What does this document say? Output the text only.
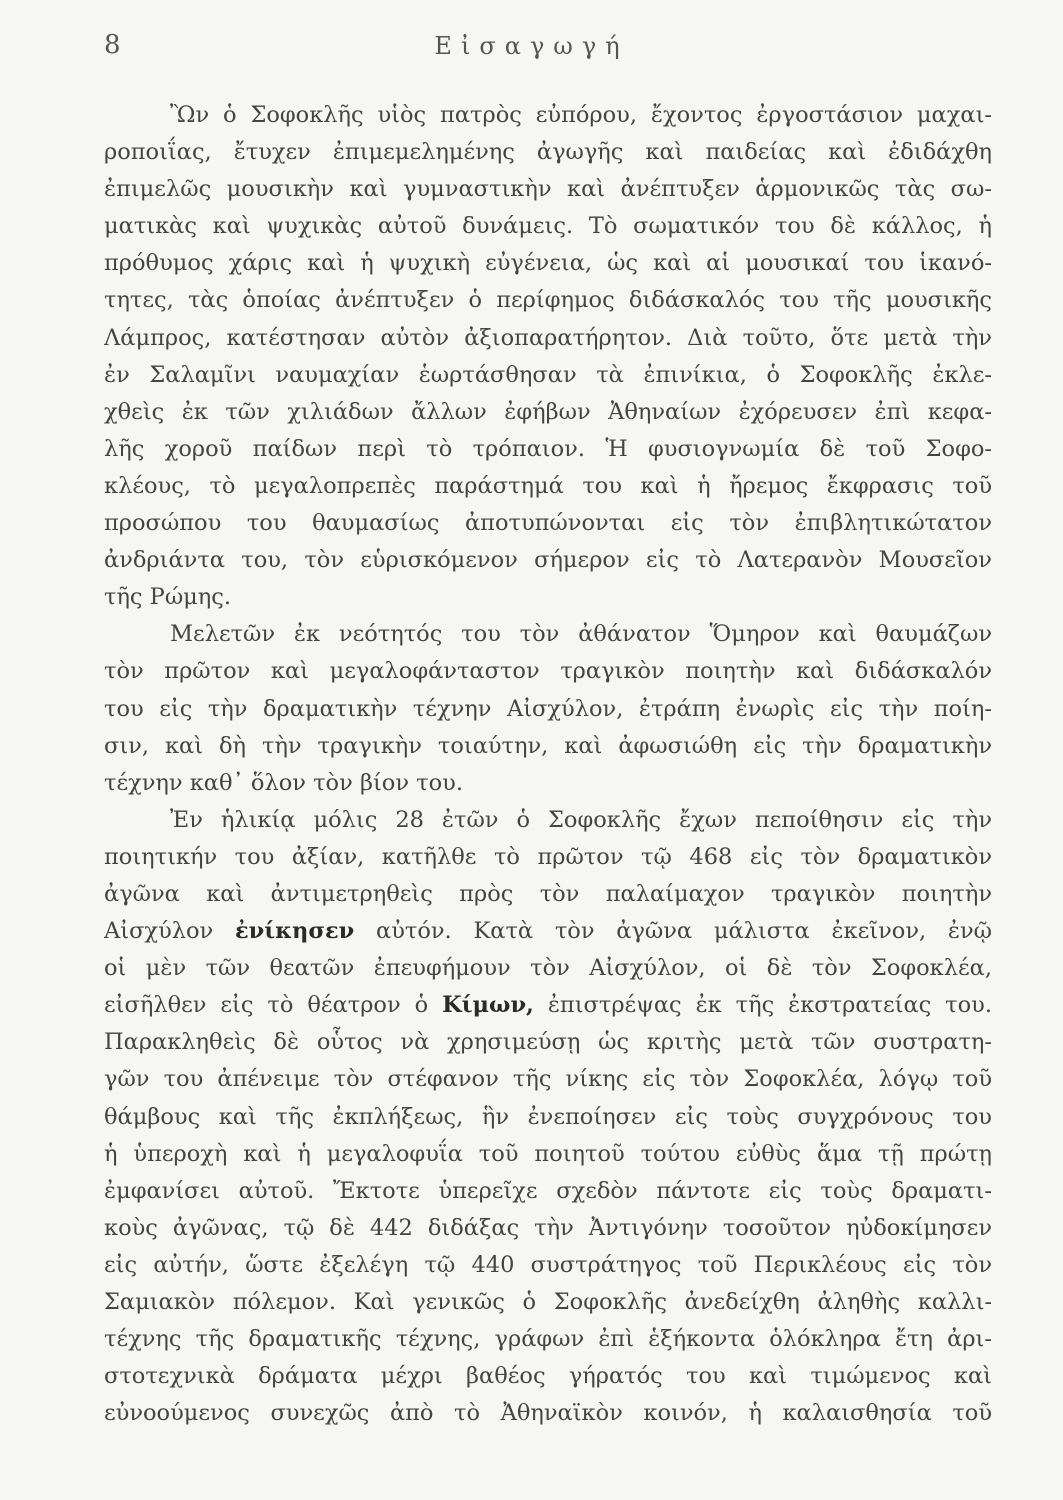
8	Εἰσαγωγή
Ὢν ὁ Σοφοκλῆς υἱὸς πατρὸς εὐπόρου, ἔχοντος ἐργοστάσιον μαχαι-
ροποιΐας, ἔτυχεν ἐπιμεμελημένης ἀγωγῆς καὶ παιδείας καὶ ἐδιδάχθη
ἐπιμελῶς μουσικὴν καὶ γυμναστικὴν καὶ ἀνέπτυξεν ἁρμονικῶς τὰς σω-
ματικὰς καὶ ψυχικὰς αὐτοῦ δυνάμεις. Τὸ σωματικόν του δὲ κάλλος, ἡ
πρόθυμος χάρις καὶ ἡ ψυχικὴ εὐγένεια, ὡς καὶ αἱ μουσικαί του ἱκανό-
τητες, τὰς ὁποίας ἀνέπτυξεν ὁ περίφημος διδάσκαλός του τῆς μουσικῆς
Λάμπρος, κατέστησαν αὐτὸν ἀξιοπαρατήρητον. Διὰ τοῦτο, ὅτε μετὰ τὴν
ἐν Σαλαμῖνι ναυμαχίαν ἑωρτάσθησαν τὰ ἐπινίκια, ὁ Σοφοκλῆς ἐκλε-
χθεὶς ἐκ τῶν χιλιάδων ἄλλων ἐφήβων Ἀθηναίων ἐχόρευσεν ἐπὶ κεφα-
λῆς χοροῦ παίδων περὶ τὸ τρόπαιον. Ἡ φυσιογνωμία δὲ τοῦ Σοφο-
κλέους, τὸ μεγαλοπρεπὲς παράστημά του καὶ ἡ ἤρεμος ἔκφρασις τοῦ
προσώπου του θαυμασίως ἀποτυπώνονται εἰς τὸν ἐπιβλητικώτατον
ἀνδριάντα του, τὸν εὑρισκόμενον σήμερον εἰς τὸ Λατερανὸν Μουσεῖον
τῆς Ρώμης.
Μελετῶν ἐκ νεότητός του τὸν ἀθάνατον Ὅμηρον καὶ θαυμάζων
τὸν πρῶτον καὶ μεγαλοφάνταστον τραγικὸν ποιητὴν καὶ διδάσκαλόν
του εἰς τὴν δραματικὴν τέχνην Αἰσχύλον, ἐτράπη ἐνωρὶς εἰς τὴν ποίη-
σιν, καὶ δὴ τὴν τραγικὴν τοιαύτην, καὶ ἀφωσιώθη εἰς τὴν δραματικὴν
τέχνην καθ᾽ ὅλον τὸν βίον του.
Ἐν ἡλικίᾳ μόλις 28 ἐτῶν ὁ Σοφοκλῆς ἔχων πεποίθησιν εἰς τὴν
ποιητικήν του ἀξίαν, κατῆλθε τὸ πρῶτον τῷ 468 εἰς τὸν δραματικὸν
ἀγῶνα καὶ ἀντιμετρηθεὶς πρὸς τὸν παλαίμαχον τραγικὸν ποιητὴν
Αἰσχύλον ἐνίκησεν αὐτόν. Κατὰ τὸν ἀγῶνα μάλιστα ἐκεῖνον, ἐνῷ
οἱ μὲν τῶν θεατῶν ἐπευφήμουν τὸν Αἰσχύλον, οἱ δὲ τὸν Σοφοκλέα,
εἰσῆλθεν εἰς τὸ θέατρον ὁ Κίμων, ἐπιστρέψας ἐκ τῆς ἐκστρατείας του.
Παρακληθεὶς δὲ οὗτος νὰ χρησιμεύσῃ ὡς κριτὴς μετὰ τῶν συστρατη-
γῶν του ἀπένειμε τὸν στέφανον τῆς νίκης εἰς τὸν Σοφοκλέα, λόγῳ τοῦ
θάμβους καὶ τῆς ἐκπλήξεως, ἣν ἐνεποίησεν εἰς τοὺς συγχρόνους του
ἡ ὑπεροχὴ καὶ ἡ μεγαλοφυΐα τοῦ ποιητοῦ τούτου εὐθὺς ἅμα τῇ πρώτῃ
ἐμφανίσει αὐτοῦ. Ἔκτοτε ὑπερεῖχε σχεδὸν πάντοτε εἰς τοὺς δραματι-
κοὺς ἀγῶνας, τῷ δὲ 442 διδάξας τὴν Ἀντιγόνην τοσοῦτον ηὐδοκίμησεν
εἰς αὐτήν, ὥστε ἐξελέγη τῷ 440 συστράτηγος τοῦ Περικλέους εἰς τὸν
Σαμιακὸν πόλεμον. Καὶ γενικῶς ὁ Σοφοκλῆς ἀνεδείχθη ἀληθὴς καλλι-
τέχνης τῆς δραματικῆς τέχνης, γράφων ἐπὶ ἑξήκοντα ὁλόκληρα ἔτη ἀρι-
στοτεχνικὰ δράματα μέχρι βαθέος γήρατός του καὶ τιμώμενος καὶ
εὐνοούμενος συνεχῶς ἀπὸ τὸ Ἀθηναϊκὸν κοινόν, ἡ καλαισθησία τοῦ
